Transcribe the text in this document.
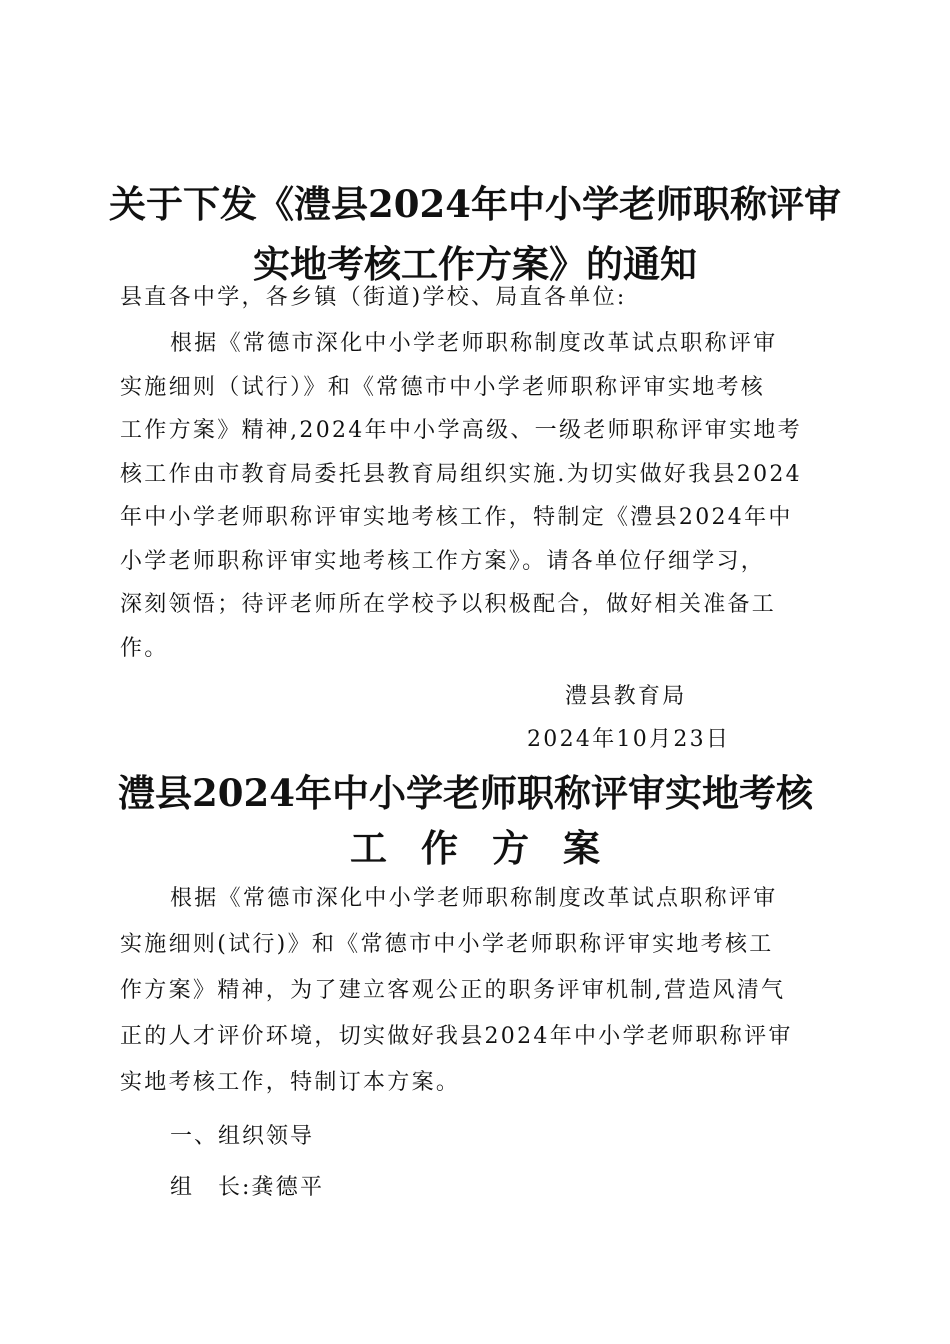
关于下发《澧县2024年中小学老师职称评审
实地考核工作方案》的通知
县直各中学，各乡镇（街道)学校、局直各单位:
根据《常德市深化中小学老师职称制度改革试点职称评审
实施细则（试行）》和《常德市中小学老师职称评审实地考核
工作方案》精神,2024年中小学高级、一级老师职称评审实地考
核工作由市教育局委托县教育局组织实施.为切实做好我县2024
年中小学老师职称评审实地考核工作，特制定《澧县2024年中
小学老师职称评审实地考核工作方案》。请各单位仔细学习，
深刻领悟；待评老师所在学校予以积极配合，做好相关准备工
作。
澧县教育局
2024年10月23日
澧县2024年中小学老师职称评审实地考核
工作方案
根据《常德市深化中小学老师职称制度改革试点职称评审
实施细则(试行)》和《常德市中小学老师职称评审实地考核工
作方案》精神，为了建立客观公正的职务评审机制,营造风清气
正的人才评价环境，切实做好我县2024年中小学老师职称评审
实地考核工作，特制订本方案。
一、组织领导
组　长:龚德平
